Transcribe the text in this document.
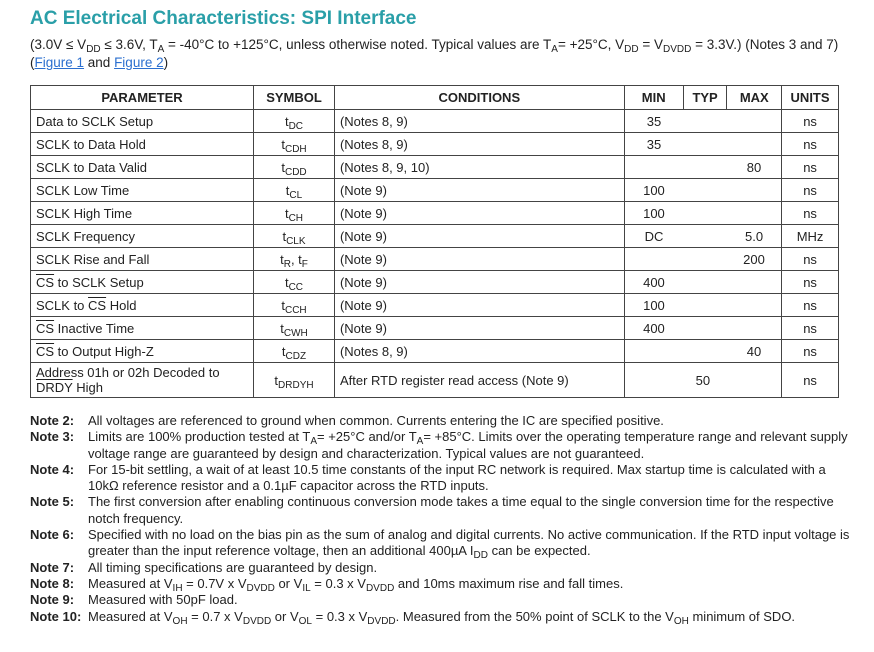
AC Electrical Characteristics: SPI Interface
($3.0V \le V_{DD} \le 3.6V$, $T_A = -40^\circ C$ to +125°C, unless otherwise noted. Typical values are $T_A= +25^\circ C$, $V_{DD} = V_{DVDD} = 3.3V$.) (Notes 3 and 7) (Figure 1 and Figure 2)
PARAMETER	SYMBOL	CONDITIONS	MIN	TYP	MAX	UNITS
Data to SCLK Setup	$t_{DC}$	(Notes 8, 9)	35			ns
SCLK to Data Hold	$t_{CDH}$	(Notes 8, 9)	35			ns
SCLK to Data Valid	$t_{CDD}$	(Notes 8, 9, 10)			80	ns
SCLK Low Time	$t_{CL}$	(Note 9)	100			ns
SCLK High Time	$t_{CH}$	(Note 9)	100			ns
SCLK Frequency	$t_{CLK}$	(Note 9)	DC		5.0	MHz
SCLK Rise and Fall	$t_R$, $t_F$	(Note 9)			200	ns
$\overline{CS}$ to SCLK Setup	$t_{CC}$	(Note 9)	400			ns
SCLK to $\overline{CS}$ Hold	$t_{CCH}$	(Note 9)	100			ns
$\overline{CS}$ Inactive Time	$t_{CWH}$	(Note 9)	400			ns
$\overline{CS}$ to Output High-Z	$t_{CDZ}$	(Notes 8, 9)			40	ns
Address 01h or 02h Decoded to
DRDY High	$t_{DRDYH}$	After RTD register read access (Note 9)	50			ns
Note 2:	All voltages are referenced to ground when common. Currents entering the IC are specified positive.
Note 3:	Limits are 100% production tested at $T_A= +25^\circ C$ and/or $T_A= +85^\circ C$. Limits over the operating temperature range and relevant supply voltage range are guaranteed by design and characterization. Typical values are not guaranteed.
Note 4:	For 15-bit settling, a wait of at least 10.5 time constants of the input RC network is required. Max startup time is calculated with a 10kΩ reference resistor and a 0.1µF capacitor across the RTD inputs.
Note 5:	The first conversion after enabling continuous conversion mode takes a time equal to the single conversion time for the respective notch frequency.
Note 6:	Specified with no load on the bias pin as the sum of analog and digital currents. No active communication. If the RTD input voltage is greater than the input reference voltage, then an additional 400µA $I_{DD}$ can be expected.
Note 7:	All timing specifications are guaranteed by design.
Note 8:	Measured at $V_{IH} = 0.7V$ x $V_{DVDD}$ or $V_{IL} = 0.3$ x $V_{DVDD}$ and 10ms maximum rise and fall times.
Note 9:	Measured with 50pF load.
Note 10: Measured at $V_{OH} = 0.7$ x $V_{DVDD}$ or $V_{OL} = 0.3$ x $V_{DVDD}$. Measured from the 50% point of SCLK to the $V_{OH}$ minimum of SDO.
